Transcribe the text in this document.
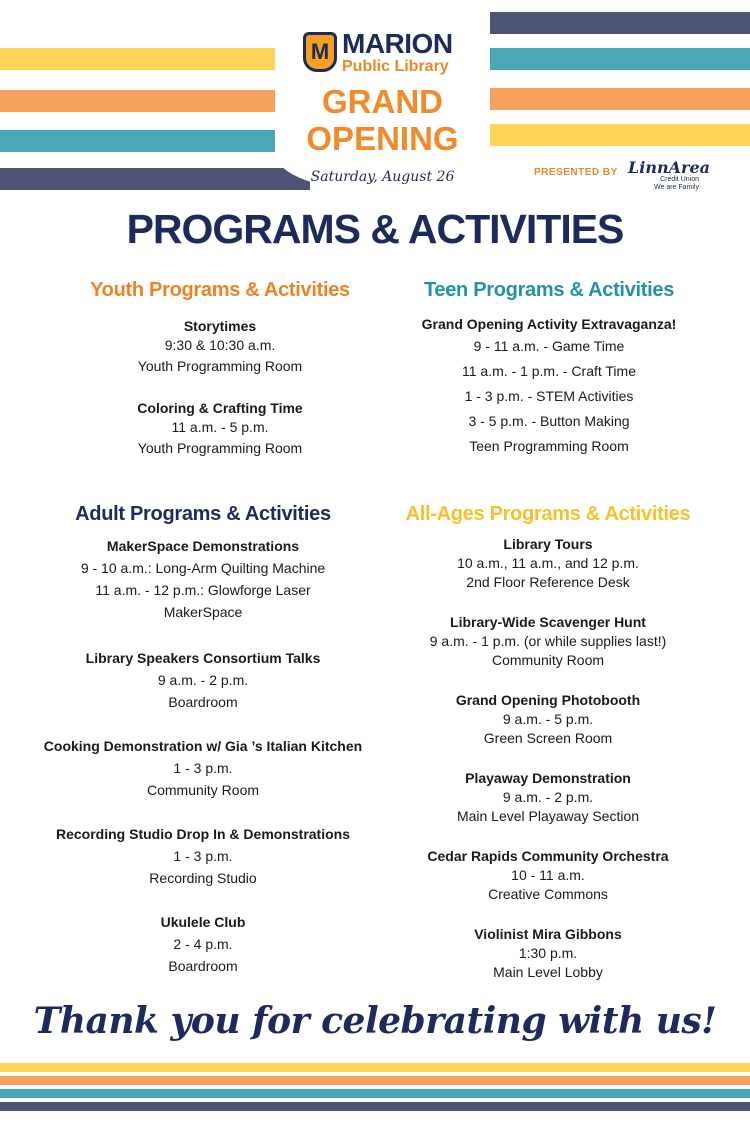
M MARION
Public Library
GRAND
OPENING
Saturday, August 26	PRESENTED BY LinnArea
Credit Union
We are Family
PROGRAMS & ACTIVITIES
Youth Programs & Activities
Storytimes
9:30 & 10:30 a.m.
Youth Programming Room
Coloring & Crafting Time
11 a.m. - 5 p.m.
Youth Programming Room
Teen Programs & Activities
Grand Opening Activity Extravaganza!
9 - 11 a.m. - Game Time
11 a.m. - 1 p.m. - Craft Time
1 - 3 p.m. - STEM Activities
3 - 5 p.m. - Button Making
Teen Programming Room
Adult Programs & Activities
MakerSpace Demonstrations
9 - 10 a.m.: Long-Arm Quilting Machine
11 a.m. - 12 p.m.: Glowforge Laser
MakerSpace
Library Speakers Consortium Talks
9 a.m. - 2 p.m.
Boardroom
Cooking Demonstration w/ Gia ’s Italian Kitchen
1 - 3 p.m.
Community Room
Recording Studio Drop In & Demonstrations
1 - 3 p.m.
Recording Studio
Ukulele Club
2 - 4 p.m.
Boardroom
All-Ages Programs & Activities
Library Tours
10 a.m., 11 a.m., and 12 p.m.
2nd Floor Reference Desk
Library-Wide Scavenger Hunt
9 a.m. - 1 p.m. (or while supplies last!)
Community Room
Grand Opening Photobooth
9 a.m. - 5 p.m.
Green Screen Room
Playaway Demonstration
9 a.m. - 2 p.m.
Main Level Playaway Section
Cedar Rapids Community Orchestra
10 - 11 a.m.
Creative Commons
Violinist Mira Gibbons
1:30 p.m.
Main Level Lobby
Thank you for celebrating with us!
